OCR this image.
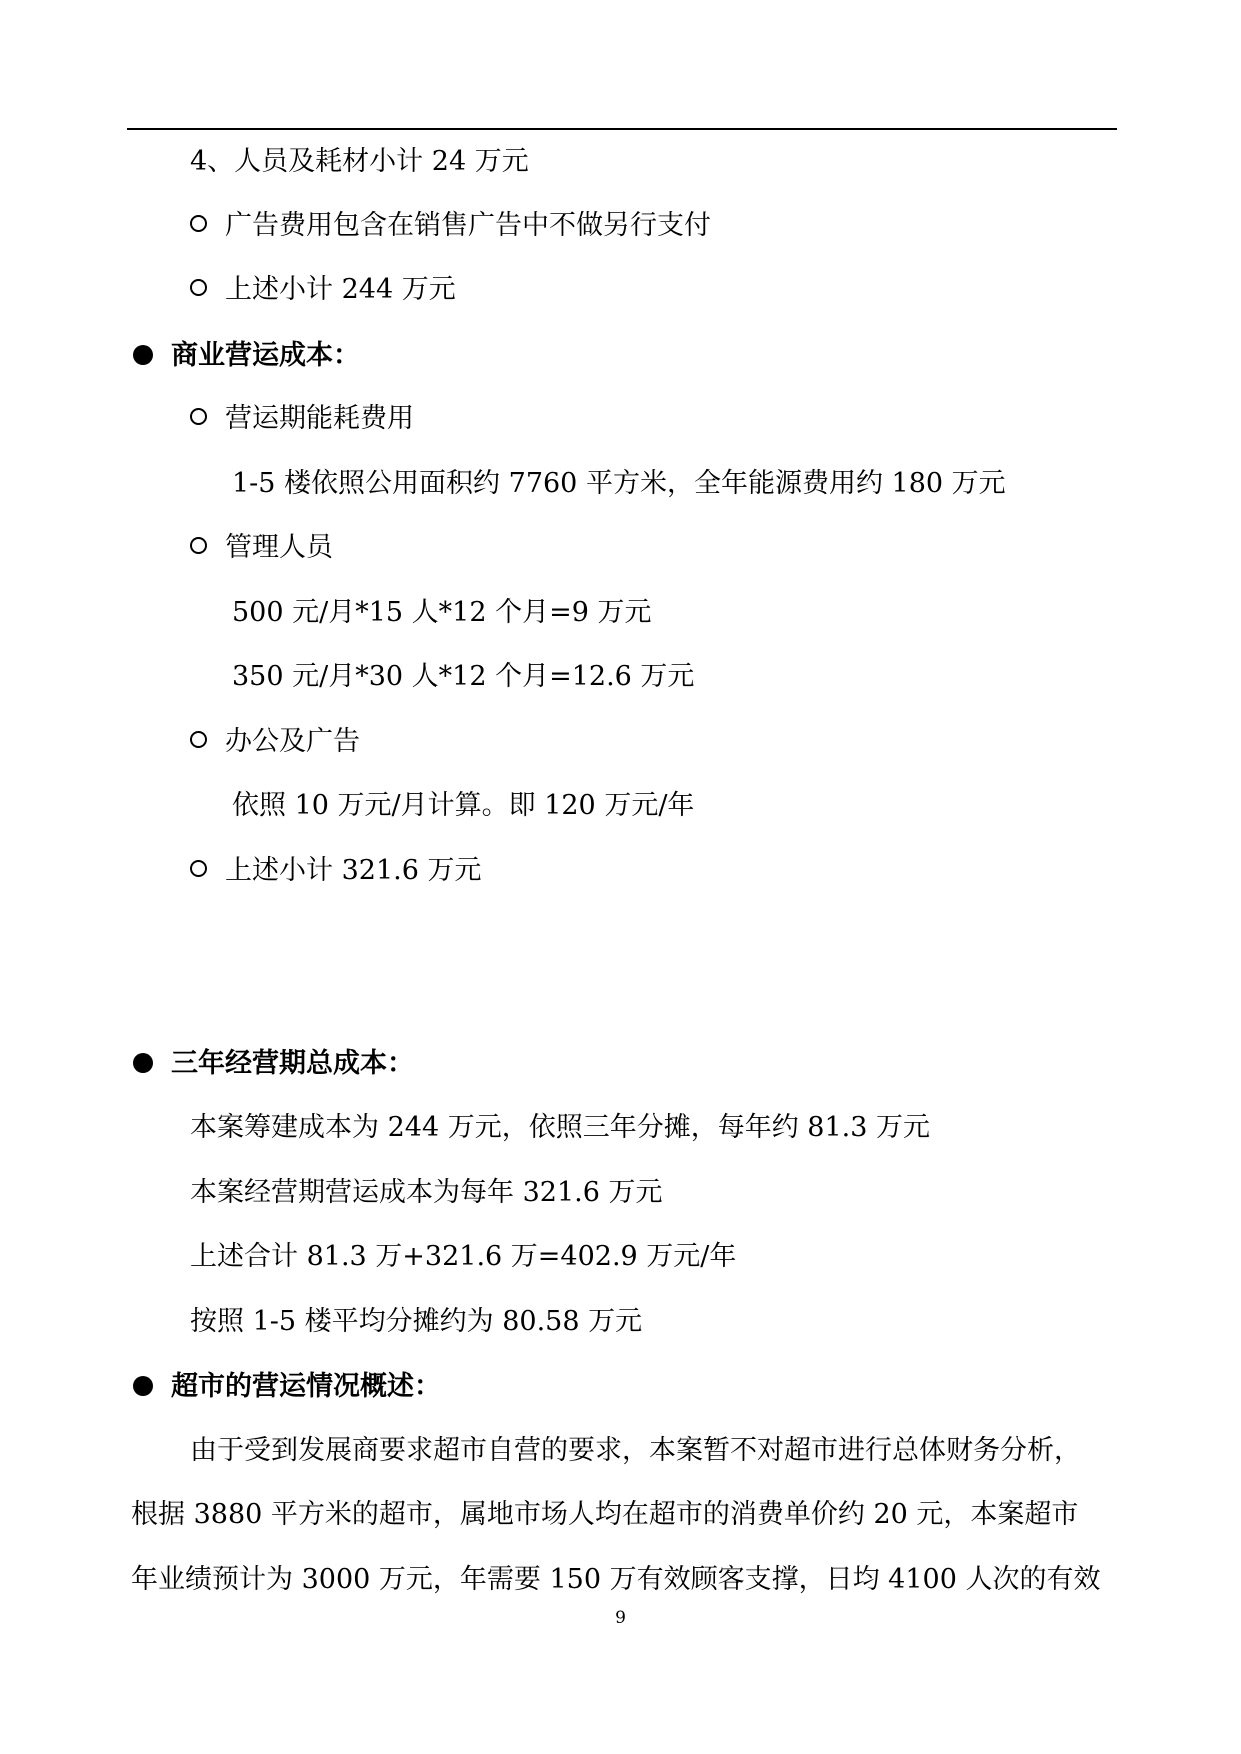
4、人员及耗材小计 24 万元
广告费用包含在销售广告中不做另行支付
上述小计 244 万元
商业营运成本：
营运期能耗费用
1-5 楼依照公用面积约 7760 平方米，全年能源费用约 180 万元
管理人员
500 元/月*15 人*12 个月=9 万元
350 元/月*30 人*12 个月=12.6 万元
办公及广告
依照 10 万元/月计算。即 120 万元/年
上述小计 321.6 万元
三年经营期总成本：
本案筹建成本为 244 万元，依照三年分摊，每年约 81.3 万元
本案经营期营运成本为每年 321.6 万元
上述合计 81.3 万+321.6 万=402.9 万元/年
按照 1-5 楼平均分摊约为 80.58 万元
超市的营运情况概述：
由于受到发展商要求超市自营的要求，本案暂不对超市进行总体财务分析，
根据 3880 平方米的超市，属地市场人均在超市的消费单价约 20 元，本案超市
年业绩预计为 3000 万元，年需要 150 万有效顾客支撑，日均 4100 人次的有效
9
